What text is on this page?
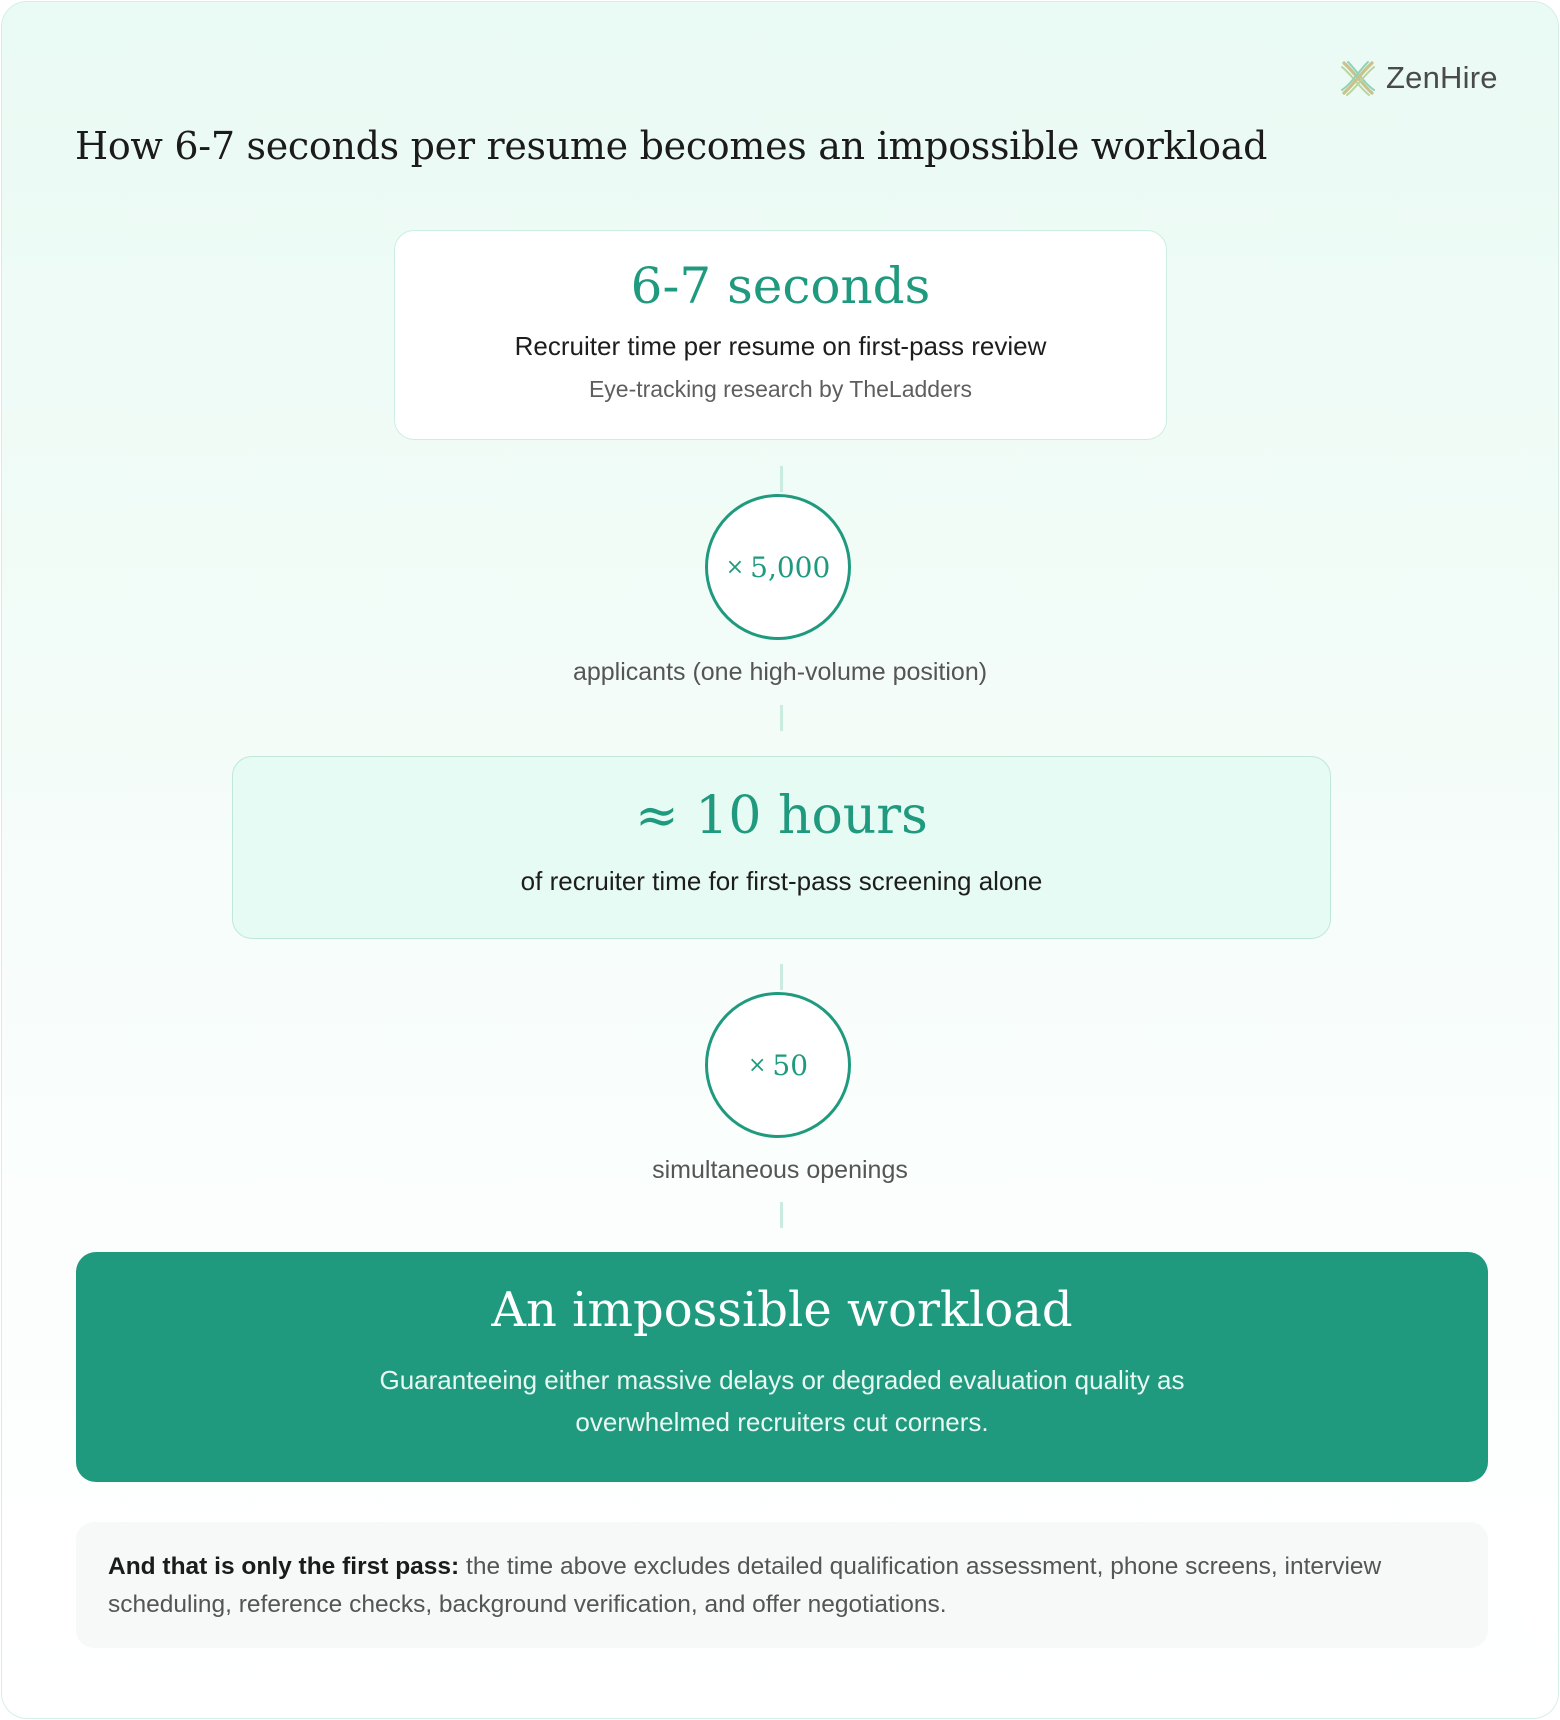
ZenHire
How 6-7 seconds per resume becomes an impossible workload
6-7 seconds
Recruiter time per resume on first-pass review
Eye-tracking research by TheLadders
× 5,000
applicants (one high-volume position)
≈ 10 hours
of recruiter time for first-pass screening alone
× 50
simultaneous openings
An impossible workload

Guaranteeing either massive delays or degraded evaluation quality as overwhelmed recruiters cut corners.

And that is only the first pass: the time above excludes detailed qualification assessment, phone screens, interview scheduling, reference checks, background verification, and offer negotiations.
